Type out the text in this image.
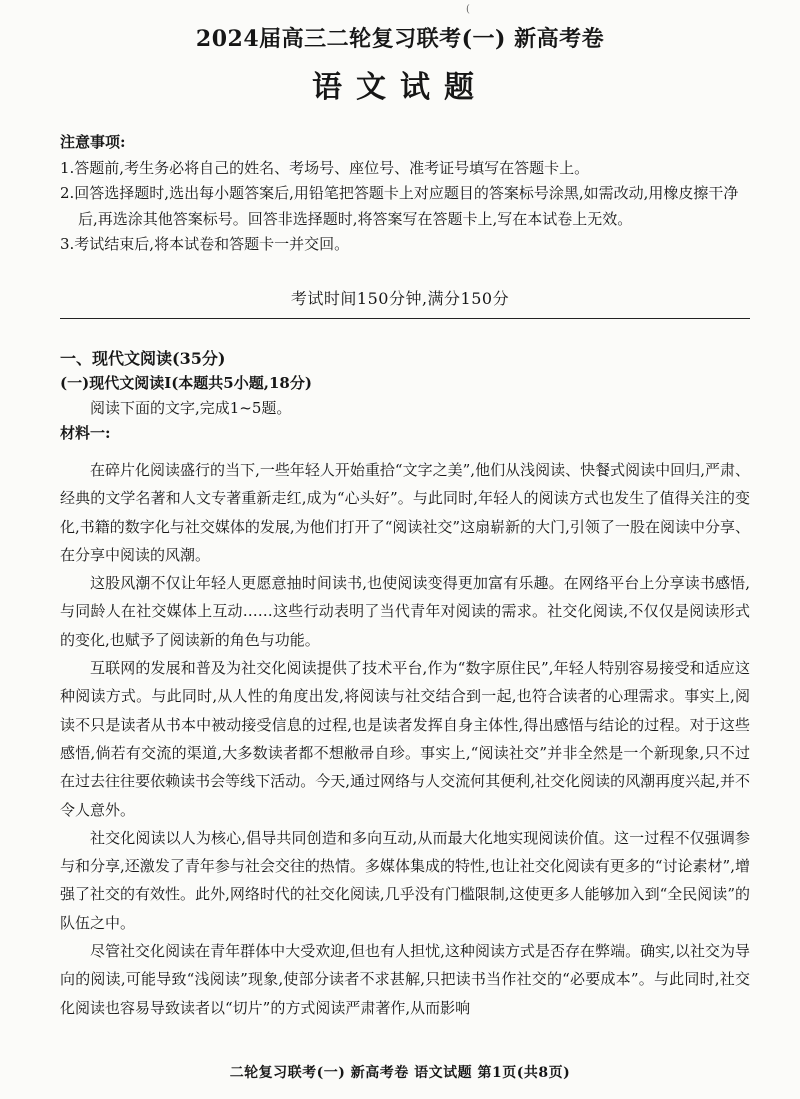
(
2024届高三二轮复习联考(一) 新高考卷
语文试题
注意事项:
1.答题前,考生务必将自己的姓名、考场号、座位号、准考证号填写在答题卡上。
2.回答选择题时,选出每小题答案后,用铅笔把答题卡上对应题目的答案标号涂黑,如需改动,用橡皮擦干净后,再选涂其他答案标号。回答非选择题时,将答案写在答题卡上,写在本试卷上无效。
3.考试结束后,将本试卷和答题卡一并交回。
考试时间150分钟,满分150分
一、现代文阅读(35分)
(一)现代文阅读Ⅰ(本题共5小题,18分)
阅读下面的文字,完成1~5题。
材料一:

在碎片化阅读盛行的当下,一些年轻人开始重拾“文字之美”,他们从浅阅读、快餐式阅读中回归,严肃、经典的文学名著和人文专著重新走红,成为“心头好”。与此同时,年轻人的阅读方式也发生了值得关注的变化,书籍的数字化与社交媒体的发展,为他们打开了“阅读社交”这扇崭新的大门,引领了一股在阅读中分享、在分享中阅读的风潮。

这股风潮不仅让年轻人更愿意抽时间读书,也使阅读变得更加富有乐趣。在网络平台上分享读书感悟,与同龄人在社交媒体上互动……这些行动表明了当代青年对阅读的需求。社交化阅读,不仅仅是阅读形式的变化,也赋予了阅读新的角色与功能。

互联网的发展和普及为社交化阅读提供了技术平台,作为“数字原住民”,年轻人特别容易接受和适应这种阅读方式。与此同时,从人性的角度出发,将阅读与社交结合到一起,也符合读者的心理需求。事实上,阅读不只是读者从书本中被动接受信息的过程,也是读者发挥自身主体性,得出感悟与结论的过程。对于这些感悟,倘若有交流的渠道,大多数读者都不想敝帚自珍。事实上,“阅读社交”并非全然是一个新现象,只不过在过去往往要依赖读书会等线下活动。今天,通过网络与人交流何其便利,社交化阅读的风潮再度兴起,并不令人意外。

社交化阅读以人为核心,倡导共同创造和多向互动,从而最大化地实现阅读价值。这一过程不仅强调参与和分享,还激发了青年参与社会交往的热情。多媒体集成的特性,也让社交化阅读有更多的“讨论素材”,增强了社交的有效性。此外,网络时代的社交化阅读,几乎没有门槛限制,这使更多人能够加入到“全民阅读”的队伍之中。

尽管社交化阅读在青年群体中大受欢迎,但也有人担忧,这种阅读方式是否存在弊端。确实,以社交为导向的阅读,可能导致“浅阅读”现象,使部分读者不求甚解,只把读书当作社交的“必要成本”。与此同时,社交化阅读也容易导致读者以“切片”的方式阅读严肃著作,从而影响

二轮复习联考(一) 新高考卷 语文试题 第1页(共8页)
